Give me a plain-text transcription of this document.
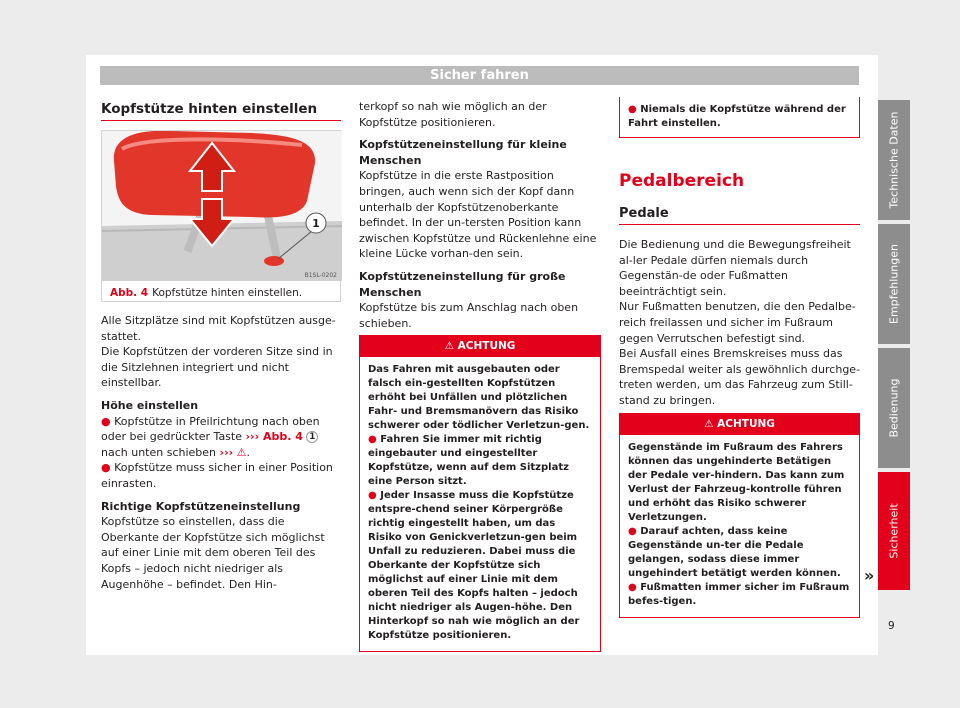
Sicher fahren
Kopfstütze hinten einstellen
1
B1SL-0202
Abb. 4 Kopfstütze hinten einstellen.

Alle Sitzplätze sind mit Kopfstützen ausge-stattet.

Die Kopfstützen der vorderen Sitze sind in die Sitzlehnen integriert und nicht einstellbar.

Höhe einstellen

● Kopfstütze in Pfeilrichtung nach oben oder bei gedrückter Taste ››› Abb. 4 1 nach unten schieben ››› ⚠.

● Kopfstütze muss sicher in einer Position einrasten.

Richtige Kopfstützeneinstellung

Kopfstütze so einstellen, dass die Oberkante der Kopfstütze sich möglichst auf einer Linie mit dem oberen Teil des Kopfs – jedoch nicht niedriger als Augenhöhe – befindet. Den Hin-

terkopf so nah wie möglich an der Kopfstütze positionieren.

Kopfstützeneinstellung für kleine Menschen

Kopfstütze in die erste Rastposition bringen, auch wenn sich der Kopf dann unterhalb der Kopfstützenoberkante befindet. In der un-tersten Position kann zwischen Kopfstütze und Rückenlehne eine kleine Lücke vorhan-den sein.

Kopfstützeneinstellung für große Menschen

Kopfstütze bis zum Anschlag nach oben schieben.

⚠ ACHTUNG

Das Fahren mit ausgebauten oder falsch ein-gestellten Kopfstützen erhöht bei Unfällen und plötzlichen Fahr- und Bremsmanövern das Risiko schwerer oder tödlicher Verletzun-gen.

● Fahren Sie immer mit richtig eingebauter und eingestellter Kopfstütze, wenn auf dem Sitzplatz eine Person sitzt.

● Jeder Insasse muss die Kopfstütze entspre-chend seiner Körpergröße richtig eingestellt haben, um das Risiko von Genickverletzun-gen beim Unfall zu reduzieren. Dabei muss die Oberkante der Kopfstütze sich möglichst auf einer Linie mit dem oberen Teil des Kopfs halten – jedoch nicht niedriger als Augen-höhe. Den Hinterkopf so nah wie möglich an der Kopfstütze positionieren.

● Niemals die Kopfstütze während der Fahrt einstellen.

Pedalbereich
Pedale

Die Bedienung und die Bewegungsfreiheit al-ler Pedale dürfen niemals durch Gegenstän-de oder Fußmatten beeinträchtigt sein.

Nur Fußmatten benutzen, die den Pedalbe-reich freilassen und sicher im Fußraum gegen Verrutschen befestigt sind.

Bei Ausfall eines Bremskreises muss das Bremspedal weiter als gewöhnlich durchge-treten werden, um das Fahrzeug zum Still-stand zu bringen.

⚠ ACHTUNG

Gegenstände im Fußraum des Fahrers können das ungehinderte Betätigen der Pedale ver-hindern. Das kann zum Verlust der Fahrzeug-kontrolle führen und erhöht das Risiko schwerer Verletzungen.

● Darauf achten, dass keine Gegenstände un-ter die Pedale gelangen, sodass diese immer ungehindert betätigt werden können.

● Fußmatten immer sicher im Fußraum befes-tigen.

»
Technische Daten
Empfehlungen
Bedienung
Sicherheit
9
